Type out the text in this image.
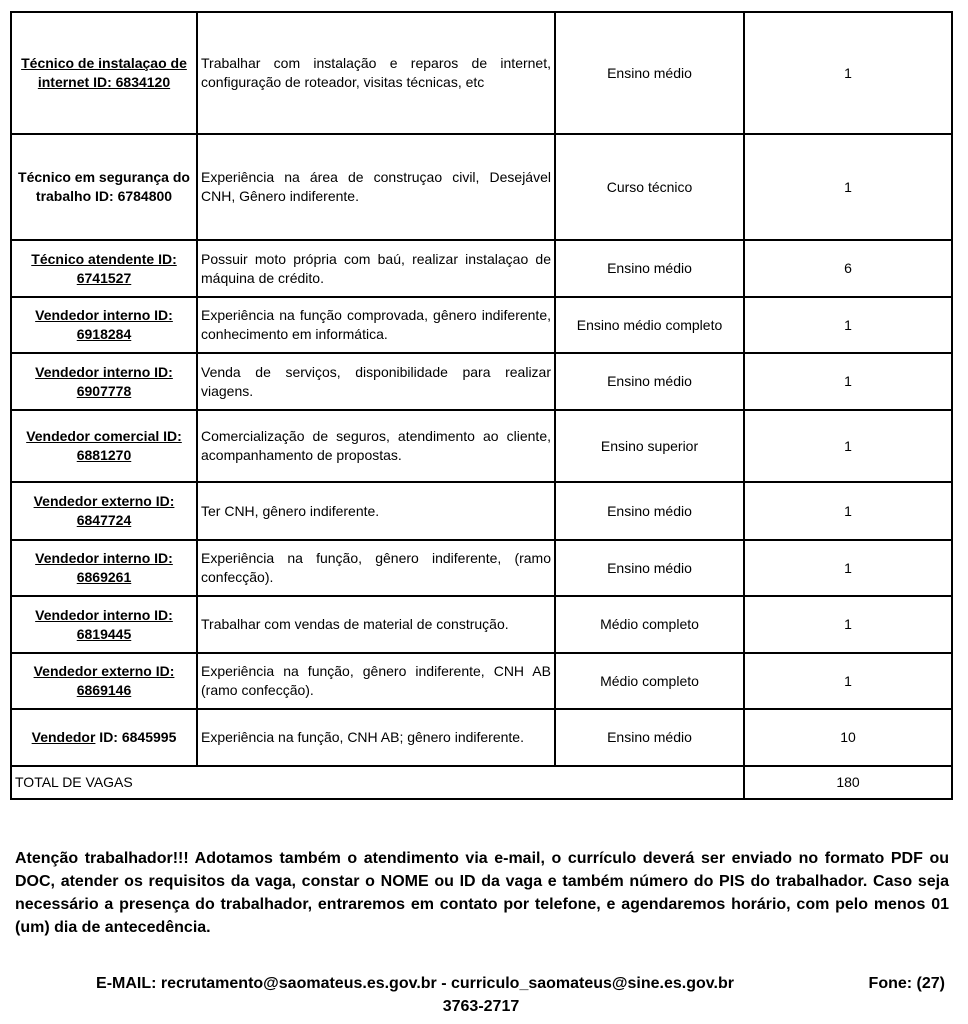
Técnico de instalaçao de internet ID: 6834120	Trabalhar com instalação e reparos de internet, configuração de roteador, visitas técnicas, etc	Ensino médio	1
Técnico em segurança do trabalho ID: 6784800	Experiência na área de construçao civil, Desejável CNH, Gênero indiferente.	Curso técnico	1
Técnico atendente ID: 6741527	Possuir moto própria com baú, realizar instalaçao de máquina de crédito.	Ensino médio	6
Vendedor interno ID: 6918284	Experiência na função comprovada, gênero indiferente, conhecimento em informática.	Ensino médio completo	1
Vendedor interno ID: 6907778	Venda de serviços, disponibilidade para realizar viagens.	Ensino médio	1
Vendedor comercial ID: 6881270	Comercialização de seguros, atendimento ao cliente, acompanhamento de propostas.	Ensino superior	1
Vendedor externo ID: 6847724	Ter CNH, gênero indiferente.	Ensino médio	1
Vendedor interno ID: 6869261	Experiência na função, gênero indiferente, (ramo confecção).	Ensino médio	1
Vendedor interno ID: 6819445	Trabalhar com vendas de material de construção.	Médio completo	1
Vendedor externo ID: 6869146	Experiência na função, gênero indiferente, CNH AB (ramo confecção).	Médio completo	1
Vendedor ID: 6845995	Experiência na função, CNH AB; gênero indiferente.	Ensino médio	10
TOTAL DE VAGAS			180
Atenção trabalhador!!! Adotamos também o atendimento via e-mail, o currículo deverá ser enviado no formato PDF ou DOC, atender os requisitos da vaga, constar o NOME ou ID da vaga e também número do PIS do trabalhador. Caso seja necessário a presença do trabalhador, entraremos em contato por telefone, e agendaremos horário, com pelo menos 01 (um) dia de antecedência.
E-MAIL: recrutamento@saomateus.es.gov.br - curriculo_saomateus@sine.es.gov.br	Fone: (27)
3763-2717
